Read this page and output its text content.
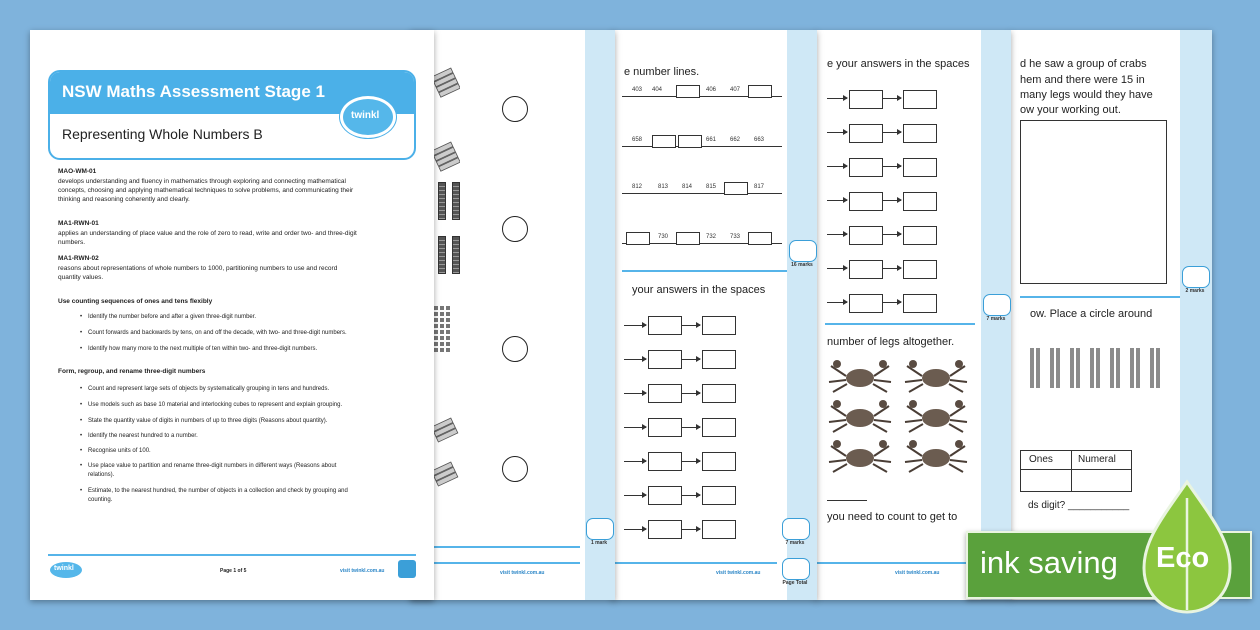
d he saw a group of crabs
hem and there were 15 in
many legs would they have
ow your working out.
2 marks
ow. Place a circle around
Ones	Numeral
ds digit? ___________
e your answers in the spaces
7 marks
number of legs altogether.
you need to count to get to
visit twinkl.com.au
e number lines.
403 404	406 407
658	661 662 663
812	813 814 815	817
730	732 733
16 marks
your answers in the spaces
7 marks
Page Total
visit twinkl.com.au
1 mark
visit twinkl.com.au
NSW Maths Assessment Stage 1
Representing Whole Numbers B
twinkl
MAO-WM-01
develops understanding and fluency in mathematics through exploring and connecting mathematical
concepts, choosing and applying mathematical techniques to solve problems, and communicating their
thinking and reasoning coherently and clearly.
MA1-RWN-01
applies an understanding of place value and the role of zero to read, write and order two- and three-digit
numbers.
MA1-RWN-02
reasons about representations of whole numbers to 1000, partitioning numbers to use and record
quantity values.
Use counting sequences of ones and tens flexibly
• Identify the number before and after a given three-digit number.
• Count forwards and backwards by tens, on and off the decade, with two- and three-digit numbers.
• Identify how many more to the next multiple of ten within two- and three-digit numbers.
Form, regroup, and rename three-digit numbers
• Count and represent large sets of objects by systematically grouping in tens and hundreds.
• Use models such as base 10 material and interlocking cubes to represent and explain grouping.
• State the quantity value of digits in numbers of up to three digits (Reasons about quantity).
• Identify the nearest hundred to a number.
• Recognise units of 100.
• Use place value to partition and rename three-digit numbers in different ways (Reasons about
relations).
• Estimate, to the nearest hundred, the number of objects in a collection and check by grouping and
counting.
twinkl	Page 1 of 5	visit twinkl.com.au	ink saving Eco
